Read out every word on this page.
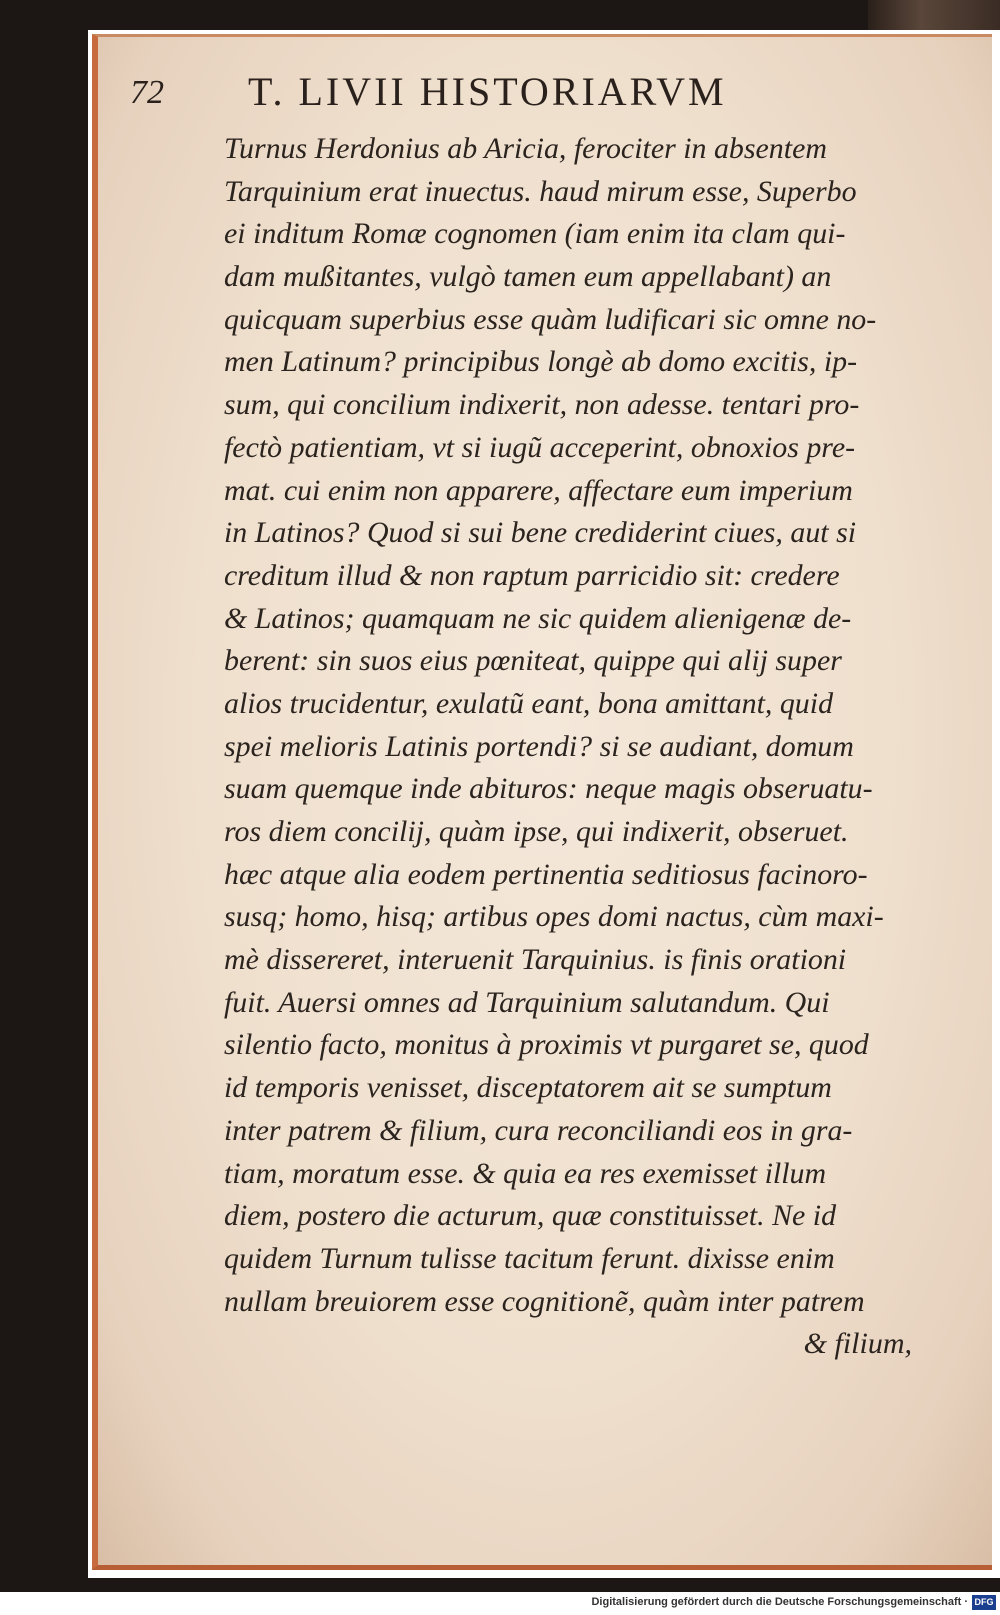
72 T. LIVII HISTORIARVM
Turnus Herdonius ab Aricia, ferociter in absentem
Tarquinium erat inuectus. haud mirum esse, Superbo
ei inditum Romæ cognomen (iam enim ita clam qui-
dam mußitantes, vulgò tamen eum appellabant) an
quicquam superbius esse quàm ludificari sic omne no-
men Latinum? principibus longè ab domo excitis, ip-
sum, qui concilium indixerit, non adesse. tentari pro-
fectò patientiam, vt si iugũ acceperint, obnoxios pre-
mat. cui enim non apparere, affectare eum imperium
in Latinos? Quod si sui bene crediderint ciues, aut si
creditum illud & non raptum parricidio sit: credere
& Latinos; quamquam ne sic quidem alienigenæ de-
berent: sin suos eius pœniteat, quippe qui alij super
alios trucidentur, exulatũ eant, bona amittant, quid
spei melioris Latinis portendi? si se audiant, domum
suam quemque inde abituros: neque magis obseruatu-
ros diem concilij, quàm ipse, qui indixerit, obseruet.
hæc atque alia eodem pertinentia seditiosus facinoro-
susq; homo, hisq; artibus opes domi nactus, cùm maxi-
mè dissereret, interuenit Tarquinius. is finis orationi
fuit. Auersi omnes ad Tarquinium salutandum. Qui
silentio facto, monitus à proximis vt purgaret se, quod
id temporis venisset, disceptatorem ait se sumptum
inter patrem & filium, cura reconciliandi eos in gra-
tiam, moratum esse. & quia ea res exemisset illum
diem, postero die acturum, quæ constituisset. Ne id
quidem Turnum tulisse tacitum ferunt. dixisse enim
nullam breuiorem esse cognitionẽ, quàm inter patrem
& filium,
Digitalisierung gefördert durch die Deutsche Forschungsgemeinschaft · DFG
